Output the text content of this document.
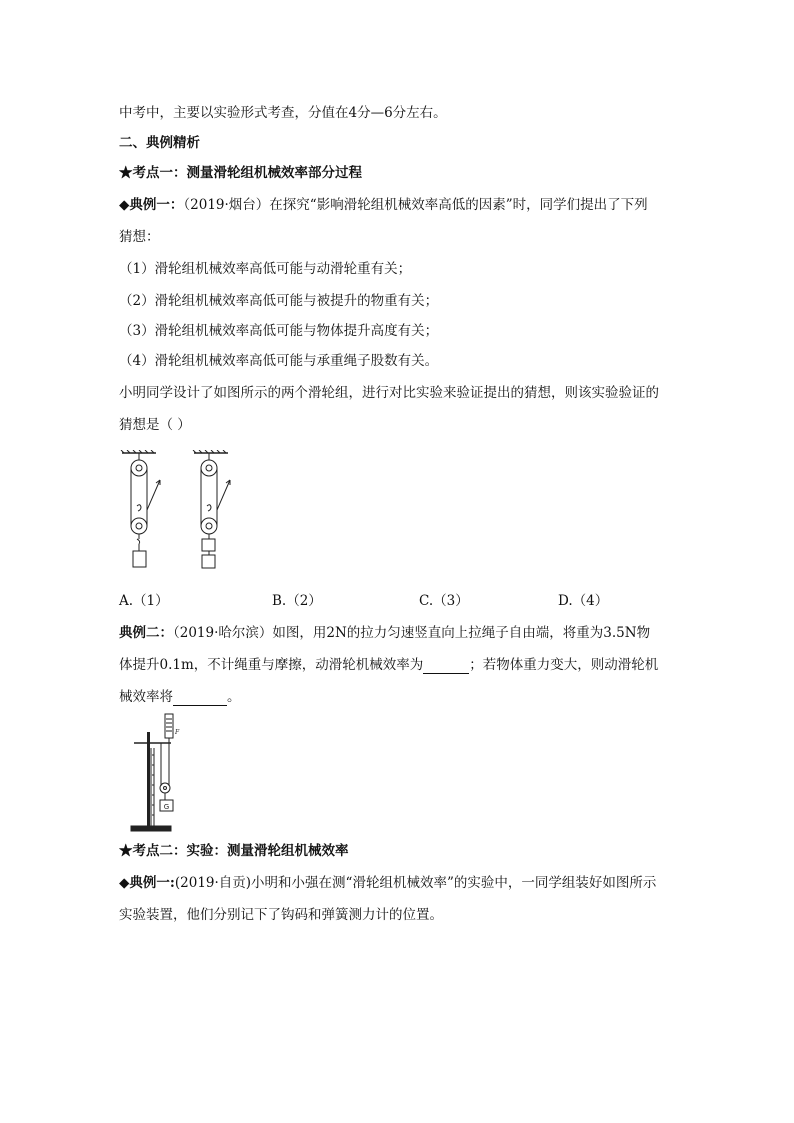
中考中，主要以实验形式考查，分值在4分—6分左右。
二、典例精析
★考点一：测量滑轮组机械效率部分过程
◆典例一：（2019·烟台）在探究“影响滑轮组机械效率高低的因素”时，同学们提出了下列
猜想：
（1）滑轮组机械效率高低可能与动滑轮重有关；
（2）滑轮组机械效率高低可能与被提升的物重有关；
（3）滑轮组机械效率高低可能与物体提升高度有关；
（4）滑轮组机械效率高低可能与承重绳子股数有关。
小明同学设计了如图所示的两个滑轮组，进行对比实验来验证提出的猜想，则该实验验证的
猜想是（ ）
A.（1）	B.（2）	C.（3）	D.（4）
典例二：（2019·哈尔滨）如图，用2N的拉力匀速竖直向上拉绳子自由端，将重为3.5N物
体提升0.1m，不计绳重与摩擦，动滑轮机械效率为	；若物体重力变大，则动滑轮机
械效率将	。
G
F
★考点二：实验：测量滑轮组机械效率
◆典例一:(2019·自贡)小明和小强在测“滑轮组机械效率”的实验中，一同学组装好如图所示
实验装置，他们分别记下了钩码和弹簧测力计的位置。
